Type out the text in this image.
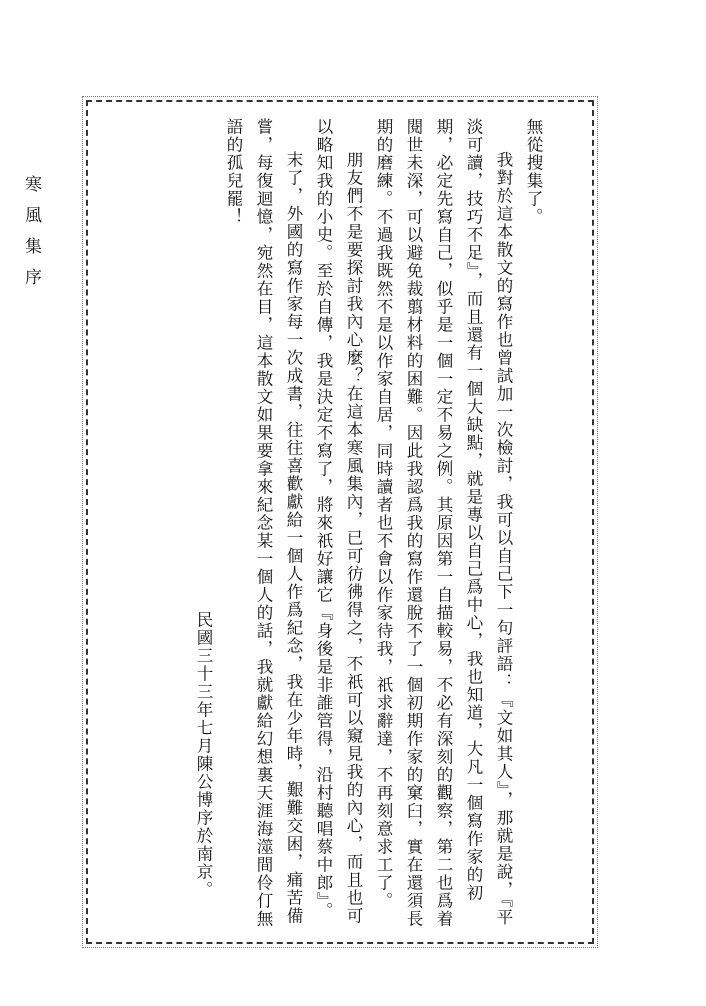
寒風集序

無從搜集了。

我對於這本散文的寫作也曾試加一次檢討，我可以自己下一句評語：『文如其人』，那就是說，『平淡可讀，技巧不足』，而且還有一個大缺點，就是專以自己爲中心，我也知道，大凡一個寫作家的初期，必定先寫自己，似乎是一個一定不易之例。其原因第一自描較易，不必有深刻的觀察，第二也爲着閱世未深，可以避免裁翦材料的困難。因此我認爲我的寫作還脫不了一個初期作家的窠臼，實在還須長期的磨練。不過我既然不是以作家自居，同時讀者也不會以作家待我，祇求辭達，不再刻意求工了。

朋友們不是要探討我內心麼？在這本寒風集內，已可彷彿得之，不祇可以窺見我的內心，而且也可以略知我的小史。至於自傳，我是決定不寫了，將來祇好讓它『身後是非誰管得，沿村聽唱蔡中郎』。

末了，外國的寫作家每一次成書，往往喜歡獻給一個人作爲紀念，我在少年時，艱難交困，痛苦備嘗，每復迴憶，宛然在目，這本散文如果要拿來紀念某一個人的話，我就獻給幻想裏天涯海澨間伶仃無語的孤兒罷！

民國三十三年七月陳公博序於南京。
